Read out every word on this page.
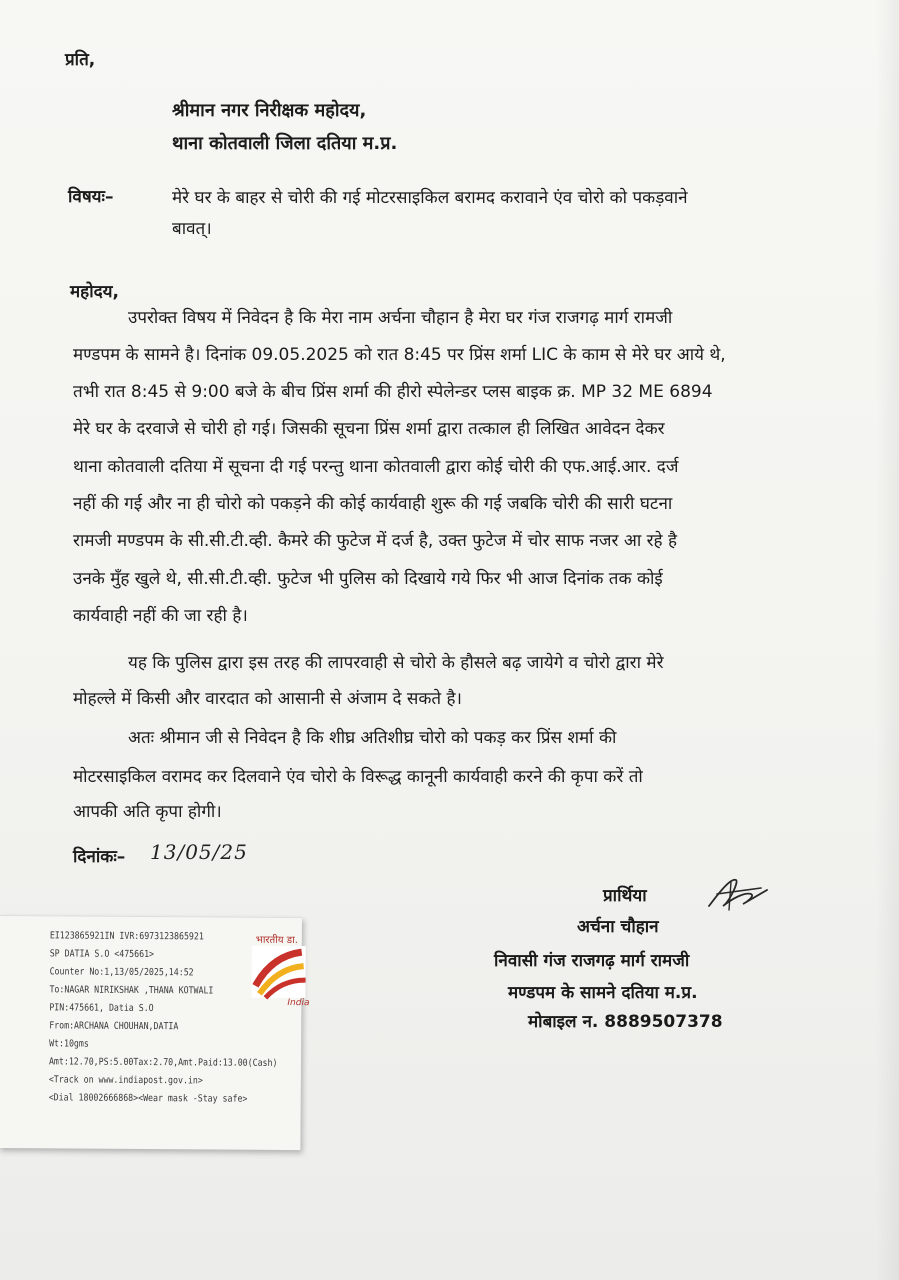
प्रति,

श्रीमान नगर निरीक्षक महोदय,

थाना कोतवाली जिला दतिया म.प्र.

विषयः–	मेरे घर के बाहर से चोरी की गई मोटरसाइकिल बरामद करावाने एंव चोरो को पकड़वाने

बावत्।

महोदय,

उपरोक्त विषय में निवेदन है कि मेरा नाम अर्चना चौहान है मेरा घर गंज राजगढ़ मार्ग रामजी

मण्डपम के सामने है। दिनांक 09.05.2025 को रात 8:45 पर प्रिंस शर्मा LIC के काम से मेरे घर आये थे,

तभी रात 8:45 से 9:00 बजे के बीच प्रिंस शर्मा की हीरो स्पेलेन्डर प्लस बाइक क्र. MP 32 ME 6894

मेरे घर के दरवाजे से चोरी हो गई। जिसकी सूचना प्रिंस शर्मा द्वारा तत्काल ही लिखित आवेदन देकर

थाना कोतवाली दतिया में सूचना दी गई परन्तु थाना कोतवाली द्वारा कोई चोरी की एफ.आई.आर. दर्ज

नहीं की गई और ना ही चोरो को पकड़ने की कोई कार्यवाही शुरू की गई जबकि चोरी की सारी घटना

रामजी मण्डपम के सी.सी.टी.व्ही. कैमरे की फुटेज में दर्ज है, उक्त फुटेज में चोर साफ नजर आ रहे है

उनके मुँह खुले थे, सी.सी.टी.व्ही. फुटेज भी पुलिस को दिखाये गये फिर भी आज दिनांक तक कोई

कार्यवाही नहीं की जा रही है।

यह कि पुलिस द्वारा इस तरह की लापरवाही से चोरो के हौसले बढ़ जायेगे व चोरो द्वारा मेरे

मोहल्ले में किसी और वारदात को आसानी से अंजाम दे सकते है।

अतः श्रीमान जी से निवेदन है कि शीघ्र अतिशीघ्र चोरो को पकड़ कर प्रिंस शर्मा की

मोटरसाइकिल वरामद कर दिलवाने एंव चोरो के विरूद्ध कानूनी कार्यवाही करने की कृपा करें तो

आपकी अति कृपा होगी।

दिनांकः– 13/05/25

प्रार्थिया

अर्चना चौहान

निवासी गंज राजगढ़ मार्ग रामजी

मण्डपम के सामने दतिया म.प्र.

मोबाइल न. 8889507378

EI123865921IN IVR:6973123865921

SP DATIA S.O <475661>

Counter No:1,13/05/2025,14:52

To:NAGAR NIRIKSHAK ,THANA KOTWALI

PIN:475661, Datia S.O

From:ARCHANA CHOUHAN,DATIA

Wt:10gms

Amt:12.70,PS:5.00Tax:2.70,Amt.Paid:13.00(Cash)

<Track on www.indiapost.gov.in>

<Dial 18002666868><Wear mask -Stay safe>

भारतीय डा.
India
